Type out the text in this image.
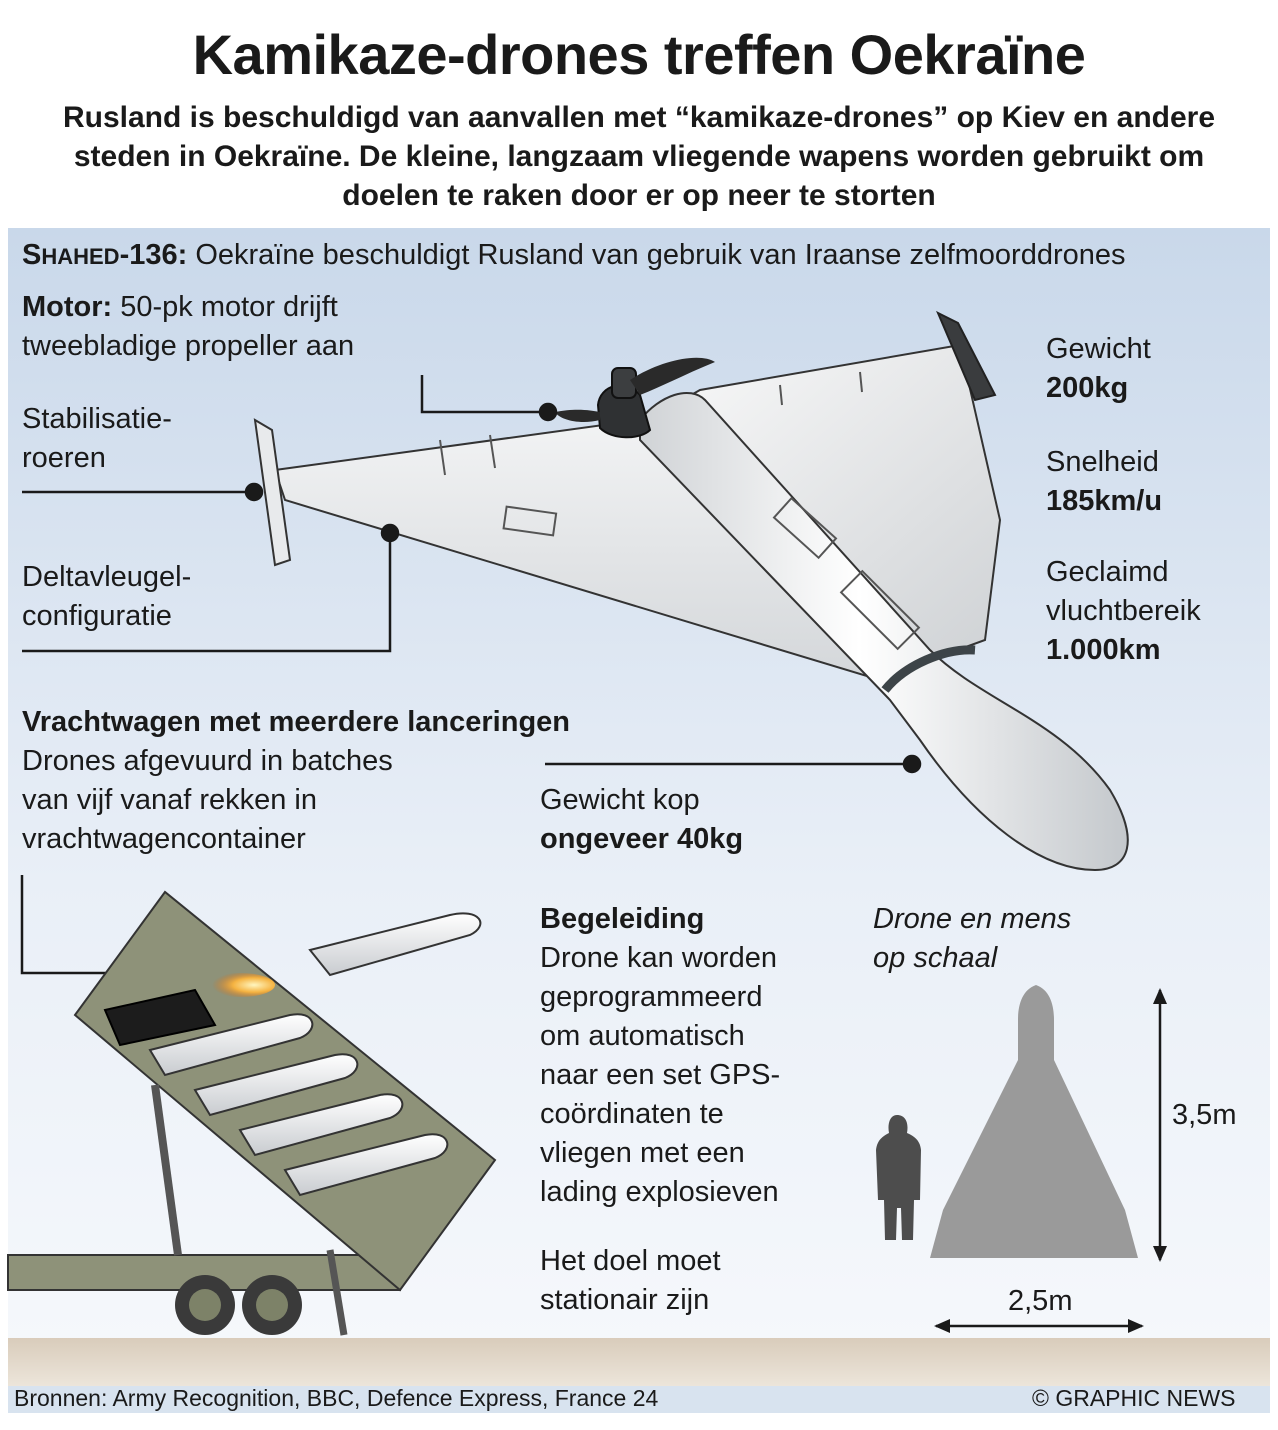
Kamikaze-drones treffen Oekraïne
Rusland is beschuldigd van aanvallen met “kamikaze-drones” op Kiev en andere steden in Oekraïne. De kleine, langzaam vliegende wapens worden gebruikt om doelen te raken door er op neer te storten
SHAHED-136: Oekraïne beschuldigt Rusland van gebruik van Iraanse zelfmoorddrones
Motor: 50-pk motor drijft
tweebladige propeller aan
Stabilisatie-
roeren
Deltavleugel-
configuratie
Gewicht
200kg
Snelheid
185km/u
Geclaimd
vluchtbereik
1.000km
Vrachtwagen met meerdere lanceringen
Drones afgevuurd in batches
van vijf vanaf rekken in
vrachtwagencontainer
Gewicht kop
ongeveer 40kg
Begeleiding
Drone kan worden
geprogrammeerd
om automatisch
naar een set GPS-
coördinaten te
vliegen met een
lading explosieven
Het doel moet
stationair zijn
Drone en mens
op schaal
3,5m
2,5m
Bronnen: Army Recognition, BBC, Defence Express, France 24	© GRAPHIC NEWS
